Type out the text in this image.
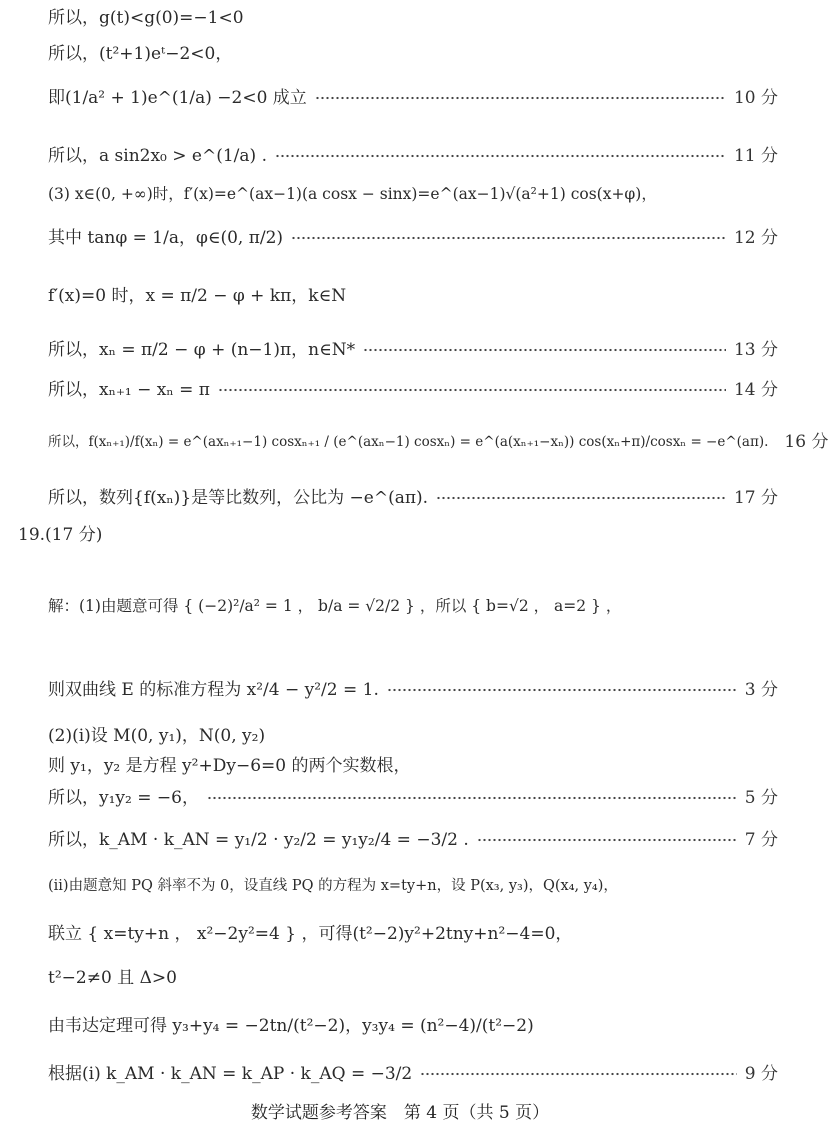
所以，g(t)<g(0)=−1<0
所以，(t²+1)eᵗ−2<0，
即(1/a² + 1)e^(1/a) −2<0 成立	10 分
所以，a sin2x₀ > e^(1/a) .	11 分
(3) x∈(0, +∞)时，f′(x)=e^(ax−1)(a cosx − sinx)=e^(ax−1)√(a²+1) cos(x+φ)，
其中 tanφ = 1/a，φ∈(0, π/2)	12 分
f′(x)=0 时，x = π/2 − φ + kπ，k∈N
所以，xₙ = π/2 − φ + (n−1)π，n∈N*	13 分
所以，xₙ₊₁ − xₙ = π	14 分
所以，f(xₙ₊₁)/f(xₙ) = e^(axₙ₊₁−1) cosxₙ₊₁ / (e^(axₙ−1) cosxₙ) = e^(a(xₙ₊₁−xₙ)) cos(xₙ+π)/cosxₙ = −e^(aπ). 16 分
所以，数列{f(xₙ)}是等比数列，公比为 −e^(aπ).	17 分
19.(17 分)
解：(1)由题意可得 { (−2)²/a² = 1 ， b/a = √2/2 } ，所以 { b=√2 ， a=2 } ，
则双曲线 E 的标准方程为 x²/4 − y²/2 = 1.	3 分
(2)(i)设 M(0, y₁)，N(0, y₂)
则 y₁，y₂ 是方程 y²+Dy−6=0 的两个实数根，
所以，y₁y₂ = −6，	5 分
所以，k_AM · k_AN = y₁/2 · y₂/2 = y₁y₂/4 = −3/2 .	7 分
(ii)由题意知 PQ 斜率不为 0，设直线 PQ 的方程为 x=ty+n，设 P(x₃, y₃)，Q(x₄, y₄)，
联立 { x=ty+n ， x²−2y²=4 } ，可得(t²−2)y²+2tny+n²−4=0，
t²−2≠0 且 Δ>0
由韦达定理可得 y₃+y₄ = −2tn/(t²−2)，y₃y₄ = (n²−4)/(t²−2)
根据(i) k_AM · k_AN = k_AP · k_AQ = −3/2	9 分
数学试题参考答案　第 4 页（共 5 页）
